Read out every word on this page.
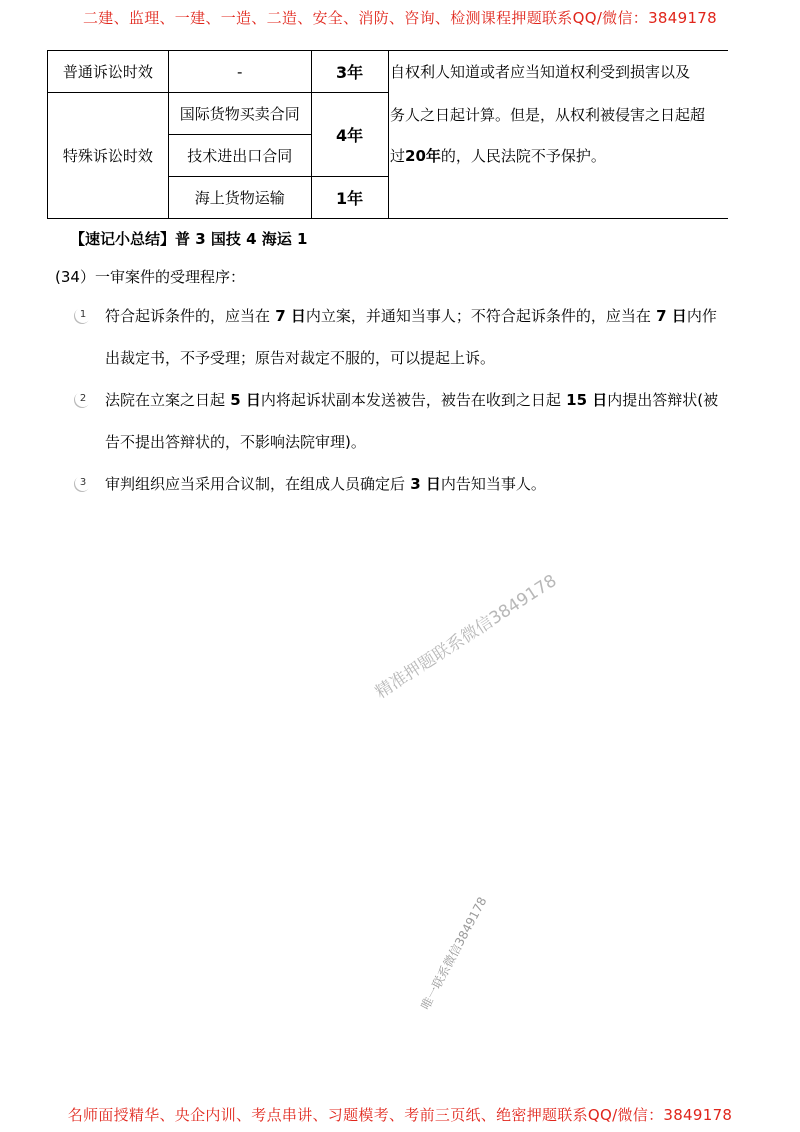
二建、监理、一建、一造、二造、安全、消防、咨询、检测课程押题联系QQ/微信：3849178
普通诉讼时效	-	3年	
特殊诉讼时效	国际货物买卖合同	4年	
	技术进出口合同		
	海上货物运输	1年	
自权利人知道或者应当知道权利受到损害以及
务人之日起计算。但是，从权利被侵害之日起超
过20年的，人民法院不予保护。
【速记小总结】普 3 国技 4 海运 1
(34）一审案件的受理程序：
1	符合起诉条件的，应当在 7 日内立案，并通知当事人；不符合起诉条件的，应当在 7 日内作
出裁定书，不予受理；原告对裁定不服的，可以提起上诉。
2	法院在立案之日起 5 日内将起诉状副本发送被告，被告在收到之日起 15 日内提出答辩状(被
告不提出答辩状的，不影响法院审理)。
3	审判组织应当采用合议制，在组成人员确定后 3 日内告知当事人。
精准押题联系微信3849178
唯一联系微信3849178
名师面授精华、央企内训、考点串讲、习题模考、考前三页纸、绝密押题联系QQ/微信：3849178
